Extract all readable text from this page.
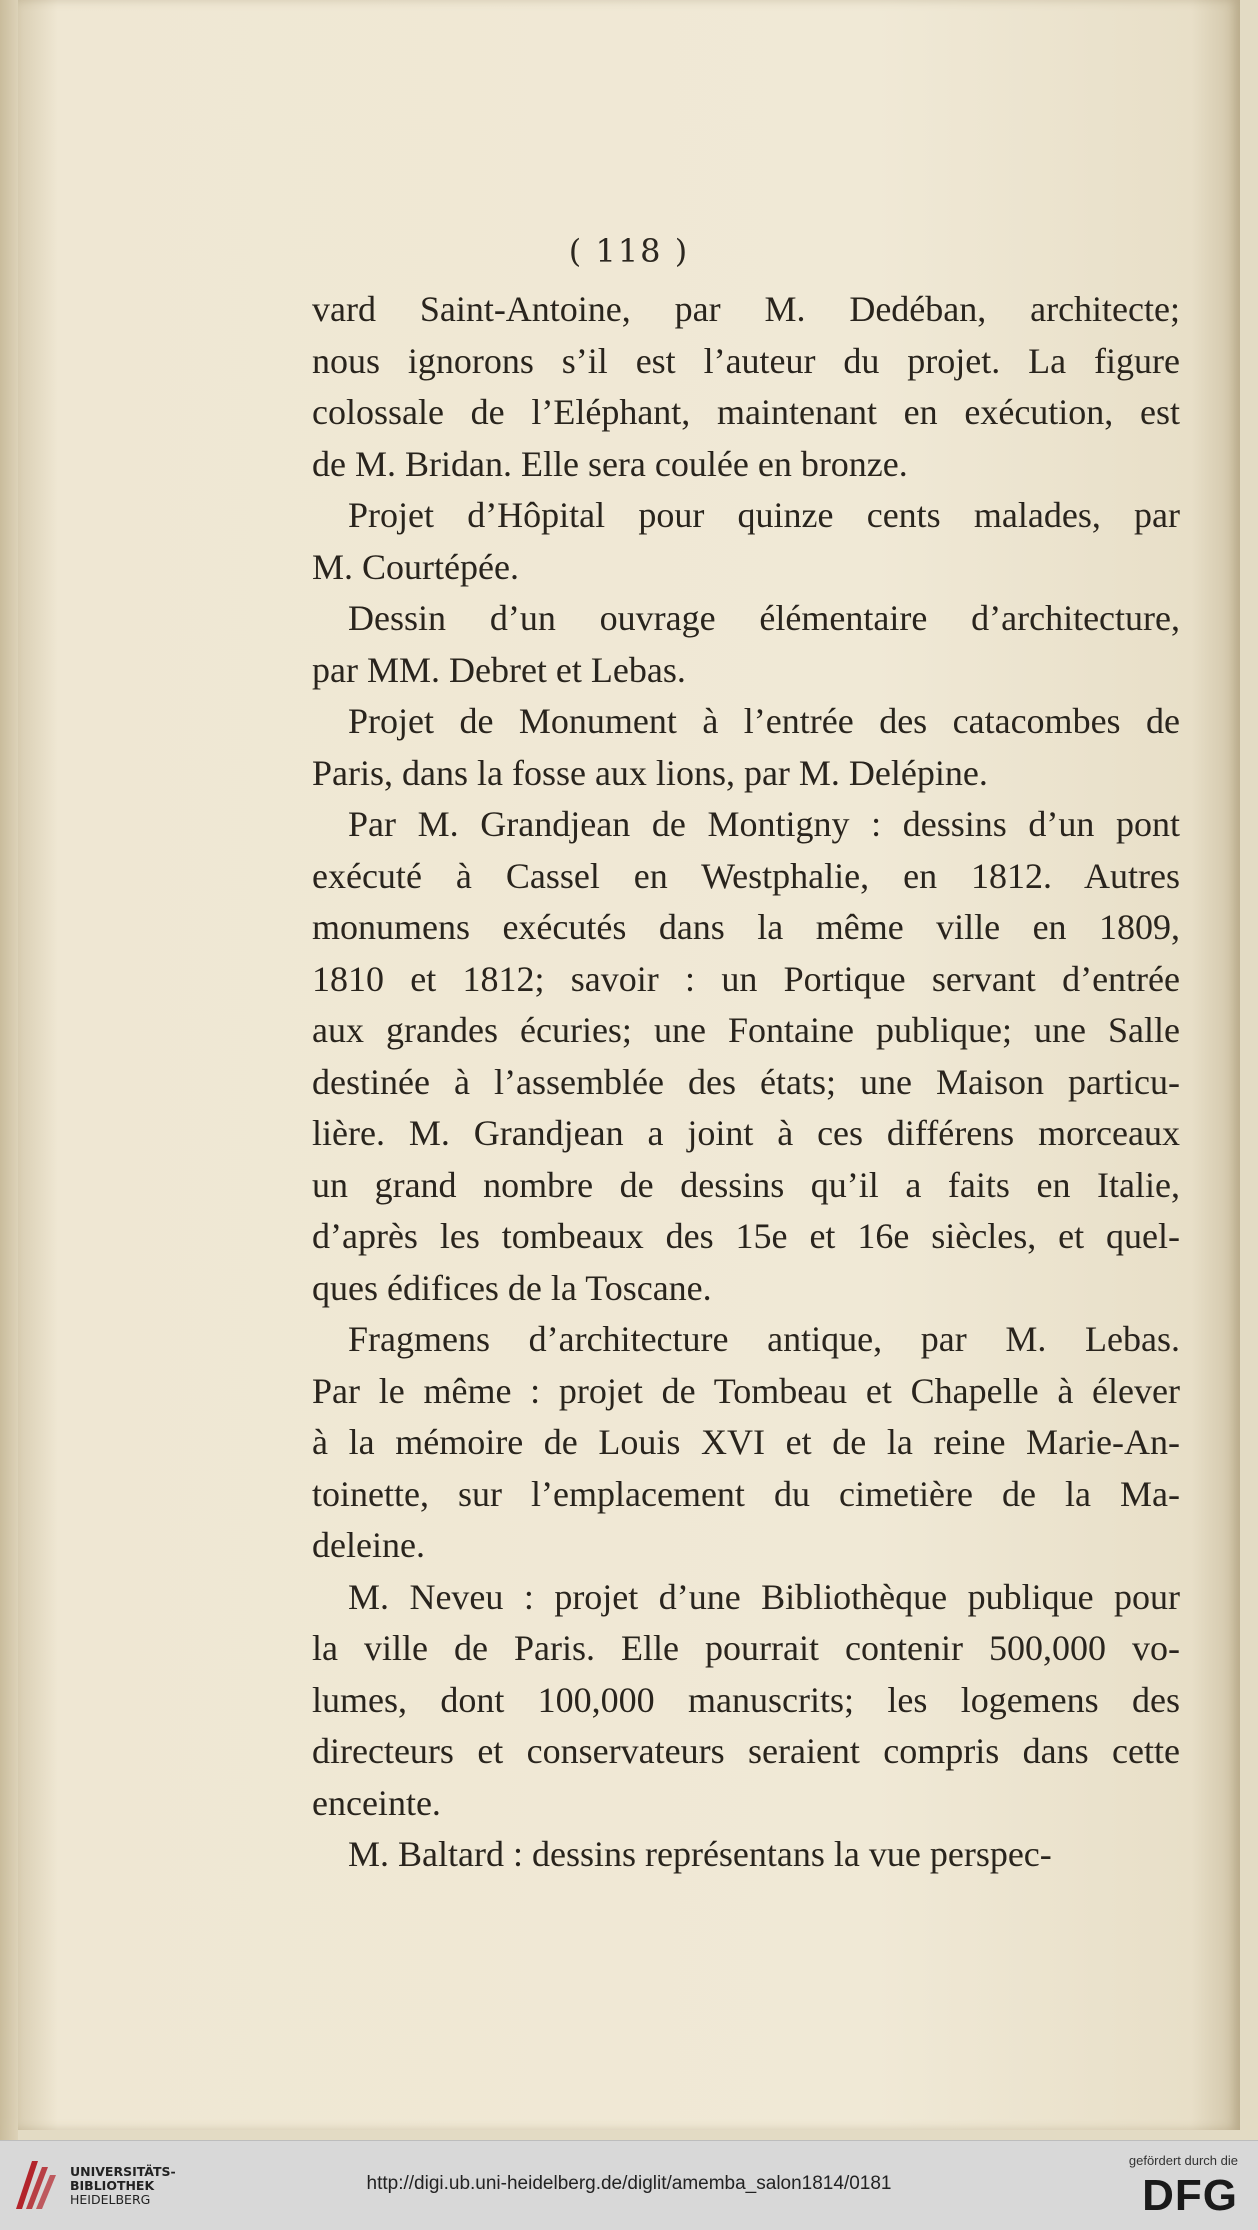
( 118 )

vard Saint-Antoine, par M. Dedéban, architecte;
nous ignorons s’il est l’auteur du projet. La figure
colossale de l’Eléphant, maintenant en exécution, est
de M. Bridan. Elle sera coulée en bronze.

Projet d’Hôpital pour quinze cents malades, par
M. Courtépée.

Dessin d’un ouvrage élémentaire d’architecture,
par MM. Debret et Lebas.

Projet de Monument à l’entrée des catacombes de
Paris, dans la fosse aux lions, par M. Delépine.

Par M. Grandjean de Montigny : dessins d’un pont
exécuté à Cassel en Westphalie, en 1812. Autres
monumens exécutés dans la même ville en 1809,
1810 et 1812; savoir : un Portique servant d’entrée
aux grandes écuries; une Fontaine publique; une Salle
destinée à l’assemblée des états; une Maison particu-
lière. M. Grandjean a joint à ces différens morceaux
un grand nombre de dessins qu’il a faits en Italie,
d’après les tombeaux des 15e et 16e siècles, et quel-
ques édifices de la Toscane.

Fragmens d’architecture antique, par M. Lebas.
Par le même : projet de Tombeau et Chapelle à élever
à la mémoire de Louis XVI et de la reine Marie-An-
toinette, sur l’emplacement du cimetière de la Ma-
deleine.

M. Neveu : projet d’une Bibliothèque publique pour
la ville de Paris. Elle pourrait contenir 500,000 vo-
lumes, dont 100,000 manuscrits; les logemens des
directeurs et conservateurs seraient compris dans cette
enceinte.

M. Baltard : dessins représentans la vue perspec-

UNIVERSITÄTS-
BIBLIOTHEK
HEIDELBERG
http://digi.ub.uni-heidelberg.de/diglit/amemba_salon1814/0181
gefördert durch die
DFG
